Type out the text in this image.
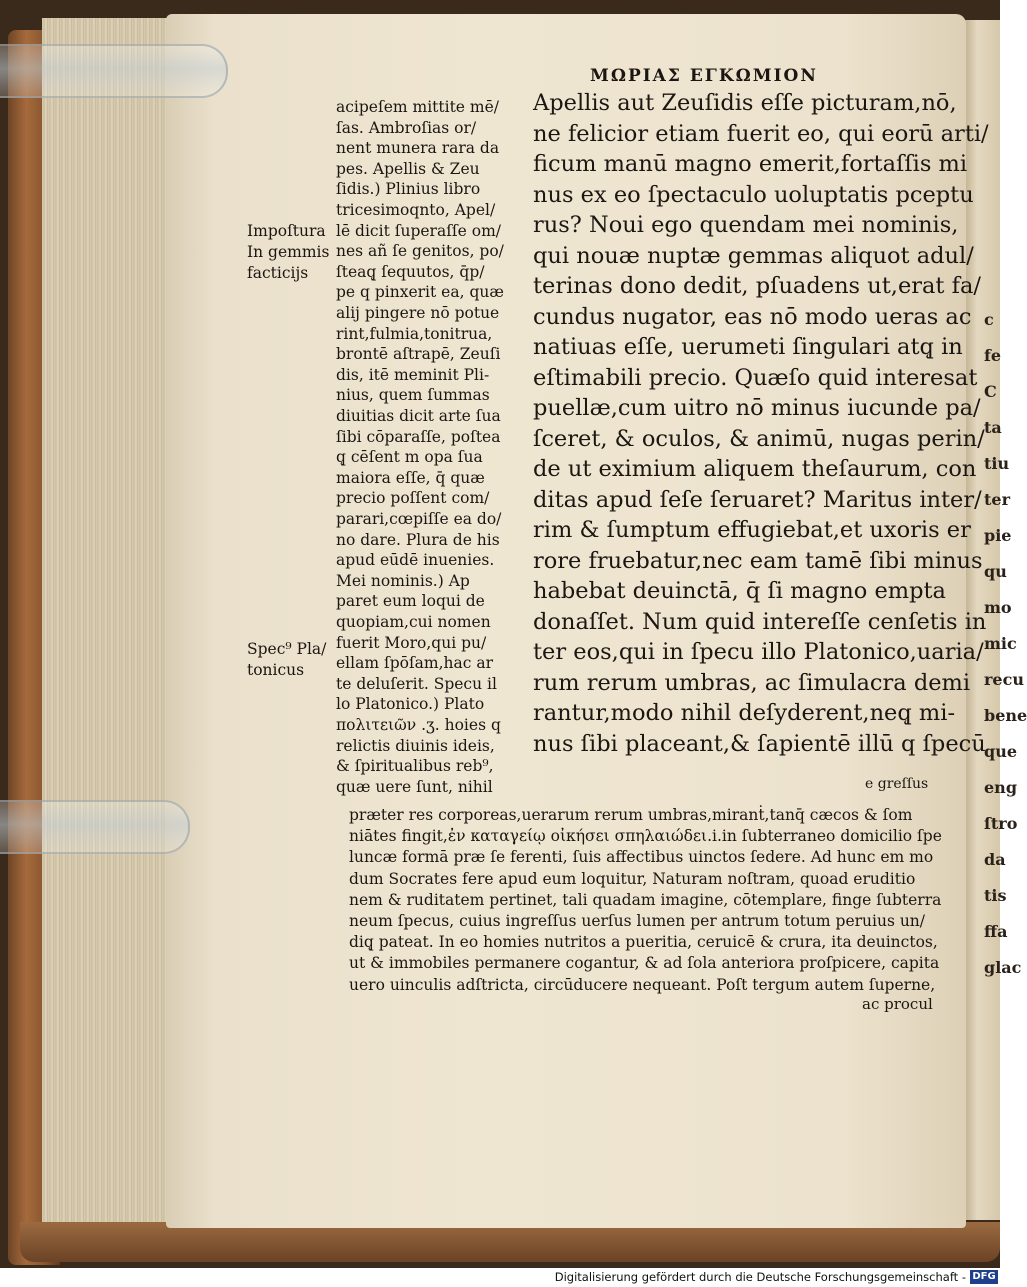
c
fe
C
ta
tiu
ter
pie
qu
mo
mic
recu
bene
que
eng
ſtro
da
tis
ffa
glac
MΩΡΙΑΣ ΕΓΚΩΜΙΟΝ
Apellis aut Zeuſidis eſſe picturam,nō,
ne felicior etiam fuerit eo, qui eorū arti/
ficum manū magno emerit,fortaſſis mi
nus ex eo ſpectaculo uoluptatis pceptu
rus? Noui ego quendam mei nominis,
qui nouæ nuptæ gemmas aliquot adul/
terinas dono dedit, pſuadens ut,erat fa/
cundus nugator, eas nō modo ueras ac
natiuas eſſe, uerumeti ſingulari atq̨ in
eſtimabili precio. Quæſo quid interesat
puellæ,cum uitro nō minus iucunde pa/
ſceret, & oculos, & animū, nugas perin/
de ut eximium aliquem theſaurum, con
ditas apud ſeſe ſeruaret? Maritus inter/
rim & ſumptum effugiebat,et uxoris er
rore fruebatur,nec eam tamē ſibi minus
habebat deuinctā, q̄ ſi magno empta
donaſſet. Num quid intereſſe cenſetis in
ter eos,qui in ſpecu illo Platonico,uaria/
rum rerum umbras, ac ſimulacra demi
rantur,modo nihil deſyderent,neq̨ mi-
nus ſibi placeant,& ſapientē illū q ſpecū
e greſſus
acipeſem mittite mē/
ſas. Ambroſias or/
nent munera rara da
pes. Apellis & Zeu
ſidis.) Plinius libro
tricesimoqnto, Apel/
lē dicit ſuperaſſe om/
nes añ ſe genitos, po/
ſteaq̨ ſequutos, q̄p/
pe q pinxerit ea, quæ
alij pingere nō potue
rint,fulmia,tonitrua,
brontē aſtrapē, Zeuſi
dis, itē meminit Pli-
nius, quem ſummas
diuitias dicit arte ſua
ſibi cōparaſſe, poſtea
q̨ cēſent m opa ſua
maiora eſſe, q̄ quæ
precio poſſent com/
parari,cœpiſſe ea do/
no dare. Plura de his
apud eūdē inuenies.
Mei nominis.) Ap
paret eum loqui de
quopiam,cui nomen
fuerit Moro,qui pu/
ellam ſpōſam,hac ar
te deluſerit. Specu il
lo Platonico.) Plato
πολιτειῶν .ʒ. hoies q
relictis diuinis ideis,
& ſpiritualibus reb⁹,
quæ uere ſunt, nihil
Impoſtura
In gemmis
facticijs
Spec⁹ Pla/
tonicus
præter res corporeas,uerarum rerum umbras,miranṫ,tanq̄ cæcos & ſom
niātes fingit,ἐν καταγείῳ οἰκήσει σπηλαιώδει.i.in ſubterraneo domicilio ſpe
luncæ formā præ ſe ferenti, ſuis affectibus uinctos ſedere. Ad hunc em mo
dum Socrates fere apud eum loquitur, Naturam noſtram, quoad eruditio
nem & ruditatem pertinet, tali quadam imagine, cōtemplare, finge ſubterra
neum ſpecus, cuius ingreſſus uerſus lumen per antrum totum peruius un/
diq̨ pateat. In eo homies nutritos a pueritia, ceruicē & crura, ita deuinctos,
ut & immobiles permanere cogantur, & ad ſola anteriora proſpicere, capita
uero uinculis adſtricta, circūducere nequeant. Poſt tergum autem ſuperne,
ac procul
Digitalisierung gefördert durch die Deutsche Forschungsgemeinschaft - DFG
